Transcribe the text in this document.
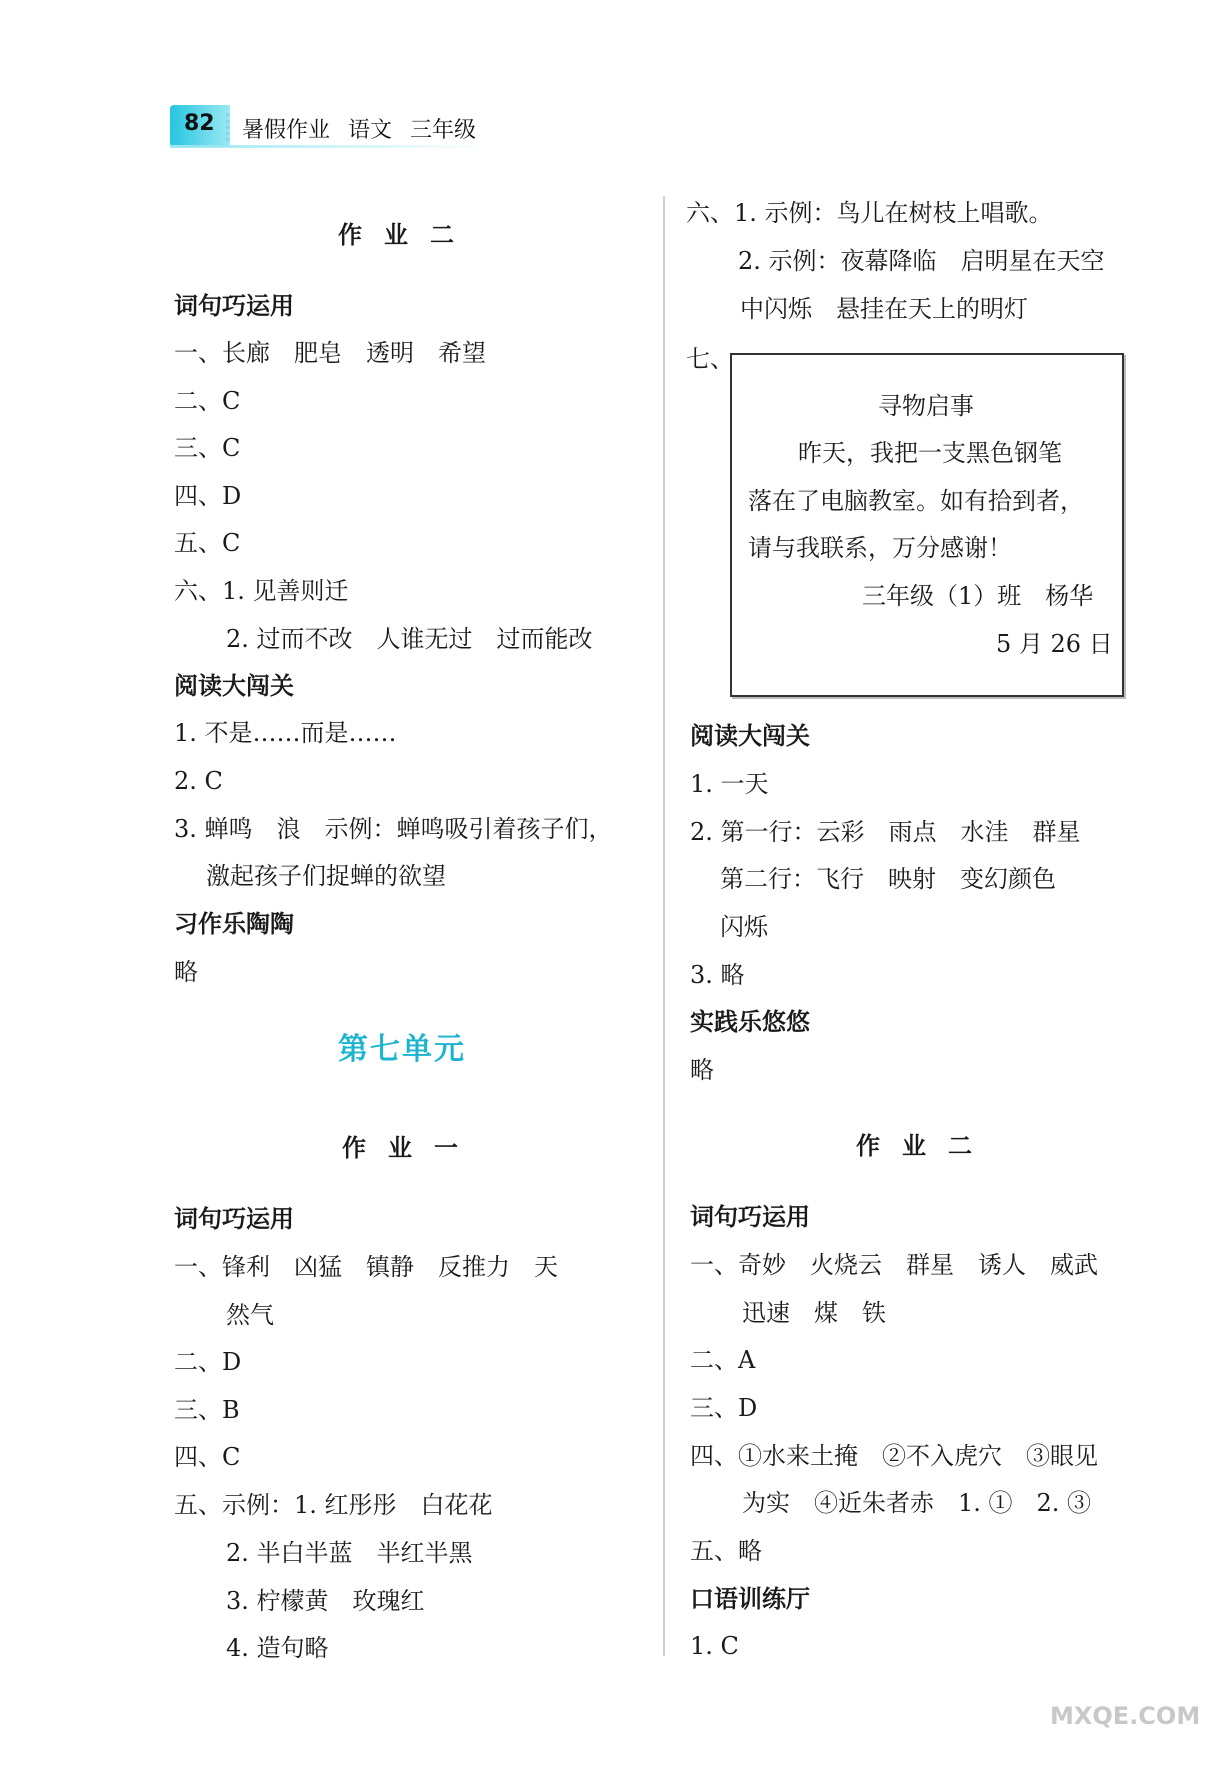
82 暑假作业 语文 三年级
作业二
词句巧运用
一、长廊　肥皂　透明　希望
二、C
三、C
四、D
五、C
六、1. 见善则迁
2. 过而不改　人谁无过　过而能改
阅读大闯关
1. 不是……而是……
2. C
3. 蝉鸣　浪　示例：蝉鸣吸引着孩子们，
激起孩子们捉蝉的欲望
习作乐陶陶
略
第七单元
作业一
词句巧运用
一、锋利　凶猛　镇静　反推力　天
然气
二、D
三、B
四、C
五、示例：1. 红彤彤　白花花
2. 半白半蓝　半红半黑
3. 柠檬黄　玫瑰红
4. 造句略
六、1. 示例：鸟儿在树枝上唱歌。
2. 示例：夜幕降临　启明星在天空
中闪烁　悬挂在天上的明灯
七、
寻物启事
昨天，我把一支黑色钢笔
落在了电脑教室。如有拾到者，
请与我联系，万分感谢！
三年级（1）班　杨华
5 月 26 日
阅读大闯关
1. 一天
2. 第一行：云彩　雨点　水洼　群星
第二行：飞行　映射　变幻颜色
闪烁
3. 略
实践乐悠悠
略
作业二
词句巧运用
一、奇妙　火烧云　群星　诱人　威武
迅速　煤　铁
二、A
三、D
四、①水来土掩　②不入虎穴　③眼见
为实　④近朱者赤　1. ①　2. ③
五、略
口语训练厅
1. C
MXQE.COM
